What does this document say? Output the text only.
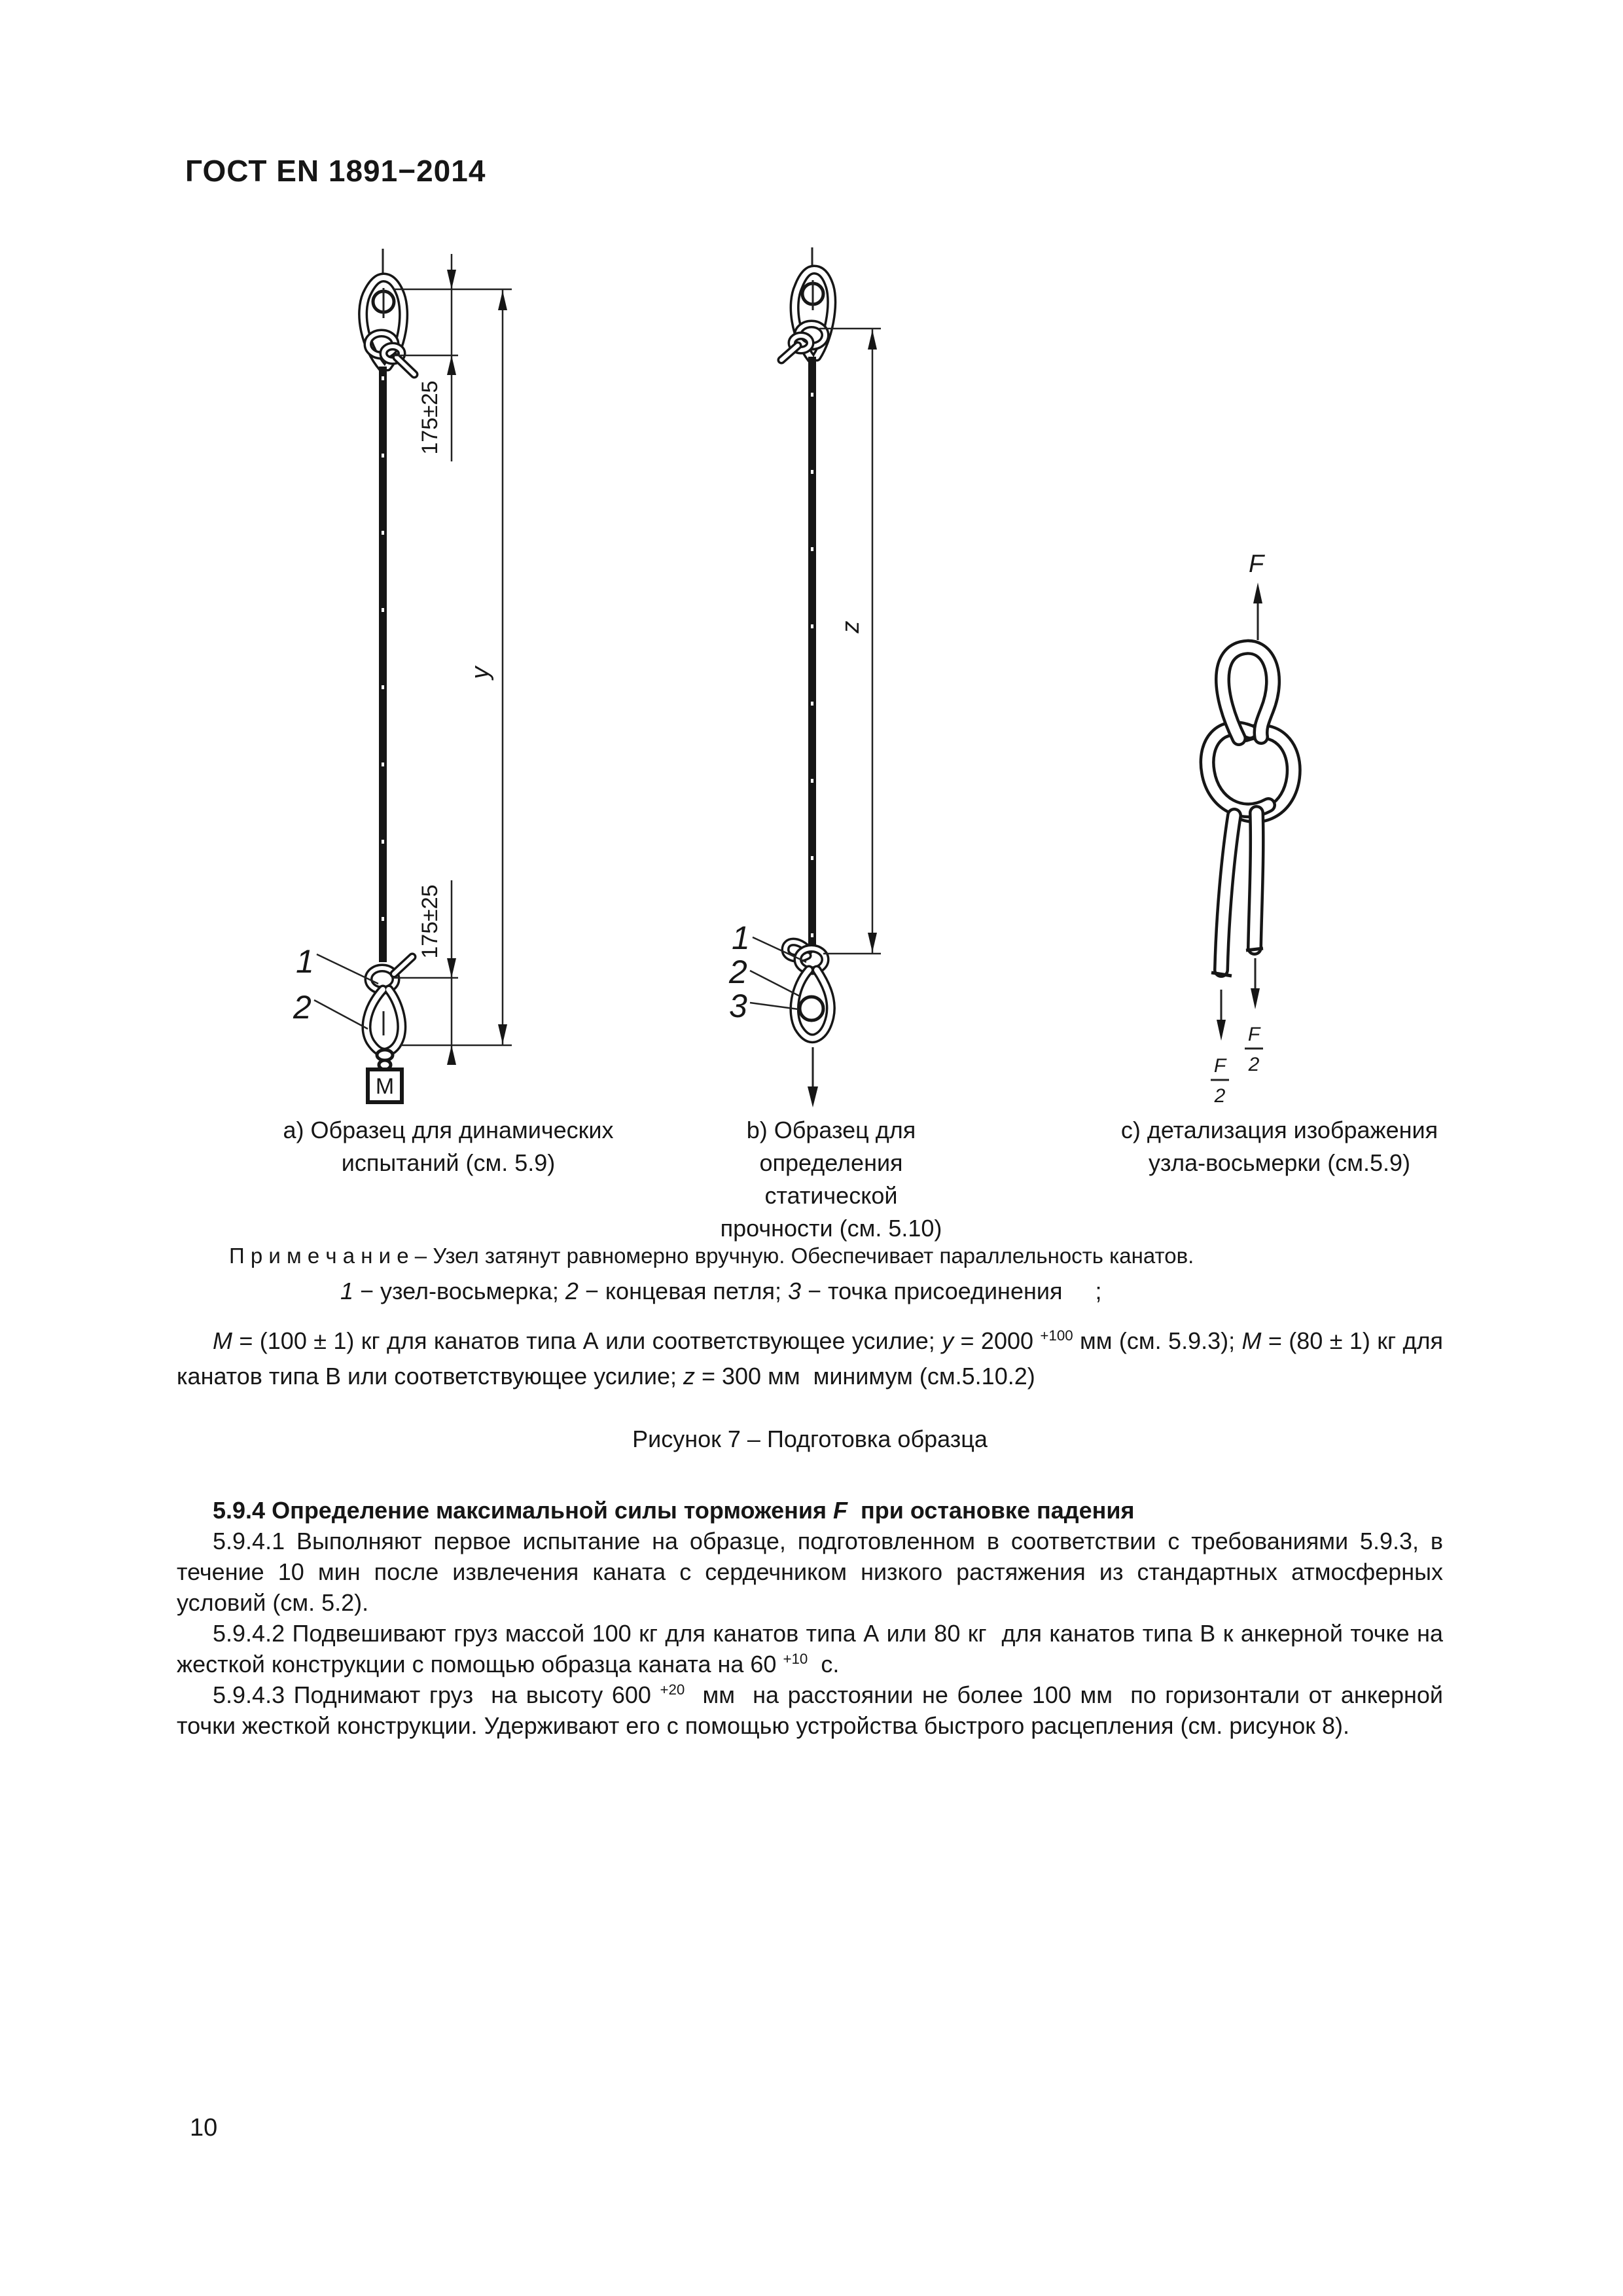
ГОСТ EN 1891−2014
M
175±25
175±25
y
1
2
z
1
2
3
F
F
2
F
2
a) Образец для динамических
испытаний (см. 5.9)
b) Образец для
определения
статической
прочности (см. 5.10)
c) детализация изображения
узла-восьмерки (см.5.9)
П р и м е ч а н и е – Узел затянут равномерно вручную. Обеспечивает параллельность канатов.
1 − узел-восьмерка; 2 − концевая петля; 3 − точка присоединения     ;

М = (100 ± 1) кг для канатов типа А или соответствующее усилие; y = 2000 $^{+100}$ мм (см. 5.9.3); М = (80 ± 1) кг для канатов типа В или соответствующее усилие; z = 300 мм  минимум (см.5.10.2)

Рисунок 7 – Подготовка образца

5.9.4 Определение максимальной силы торможения F  при остановке падения

5.9.4.1 Выполняют первое испытание на образце, подготовленном в соответствии с требованиями 5.9.3, в течение 10 мин после извлечения каната с сердечником низкого растяжения из стандартных атмосферных условий (см. 5.2).

5.9.4.2 Подвешивают груз массой 100 кг для канатов типа А или 80 кг  для канатов типа В к анкерной точке на жесткой конструкции с помощью образца каната на 60 $^{+10}$  с.

5.9.4.3 Поднимают груз  на высоту 600 $^{+20}$  мм  на расстоянии не более 100 мм  по горизонтали от анкерной точки жесткой конструкции. Удерживают его с помощью устройства быстрого расцепления (см. рисунок 8).

10
